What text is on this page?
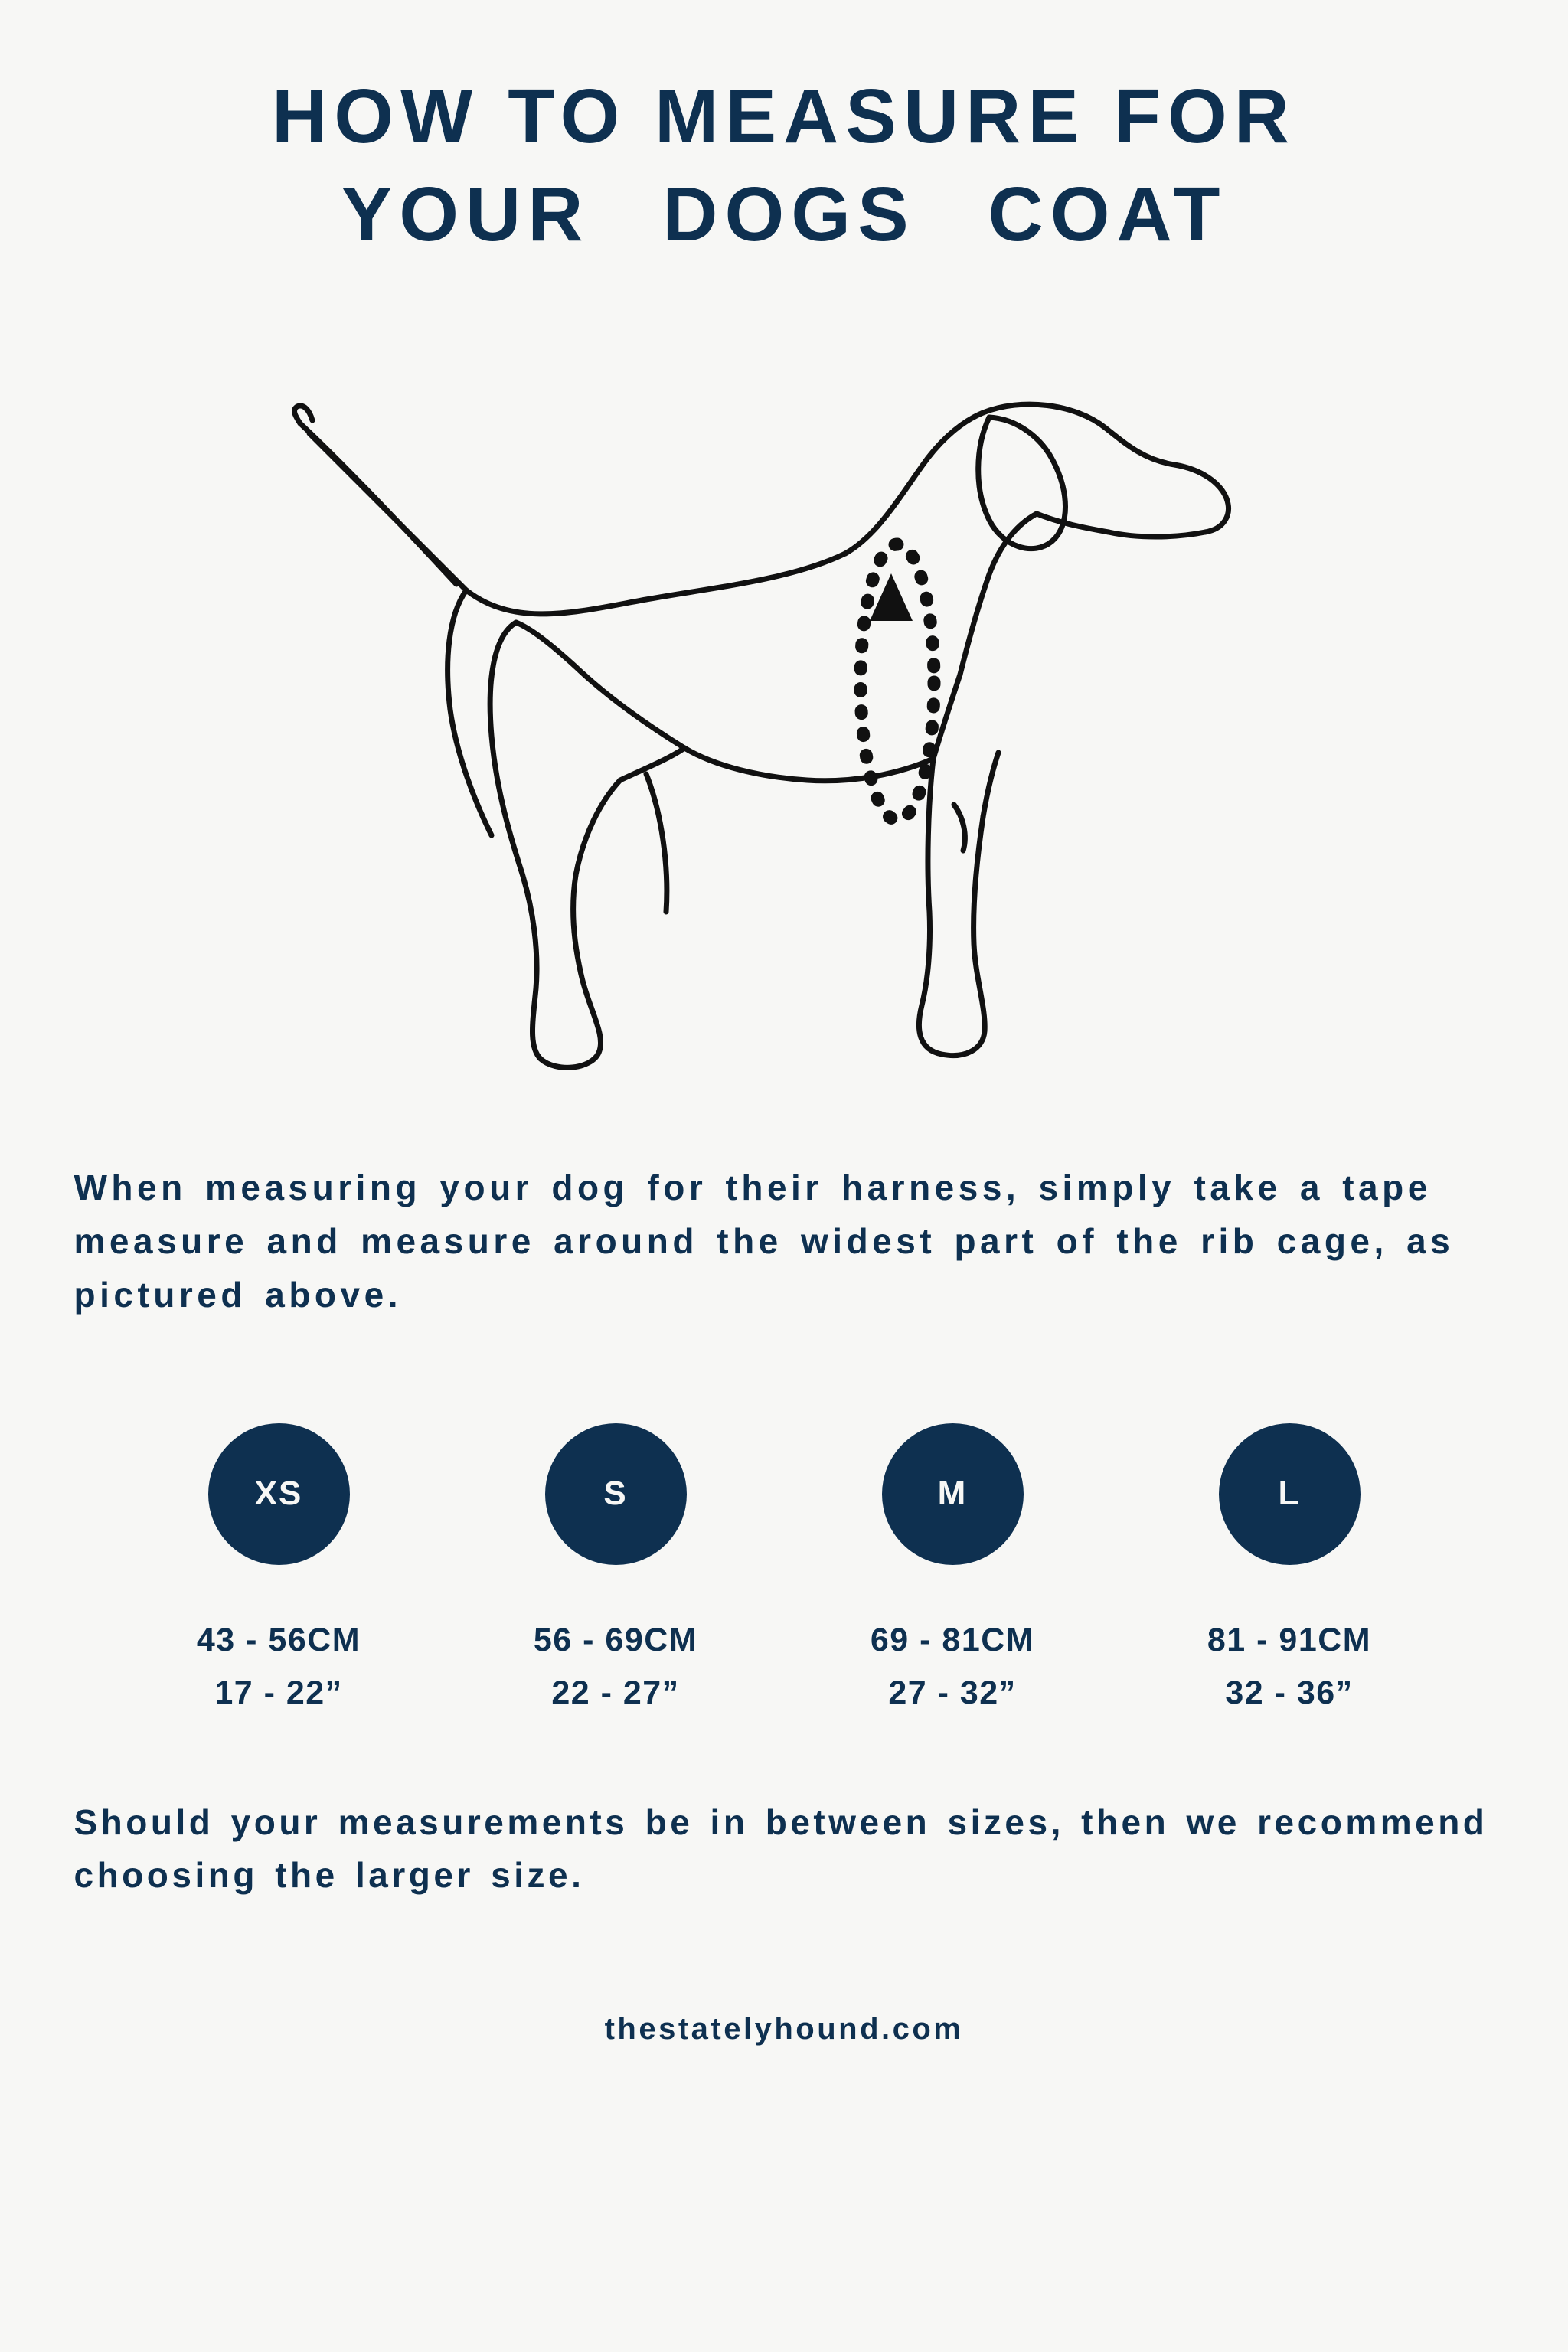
HOW TO MEASURE FOR
YOUR DOGS COAT

When measuring your dog for their harness, simply take a tape measure and measure around the widest part of the rib cage, as pictured above.

XS
43 - 56CM
17 - 22”
S
56 - 69CM
22 - 27”
M
69 - 81CM
27 - 32”
L
81 - 91CM
32 - 36”

Should your measurements be in between sizes, then we recommend choosing the larger size.

thestatelyhound.com
